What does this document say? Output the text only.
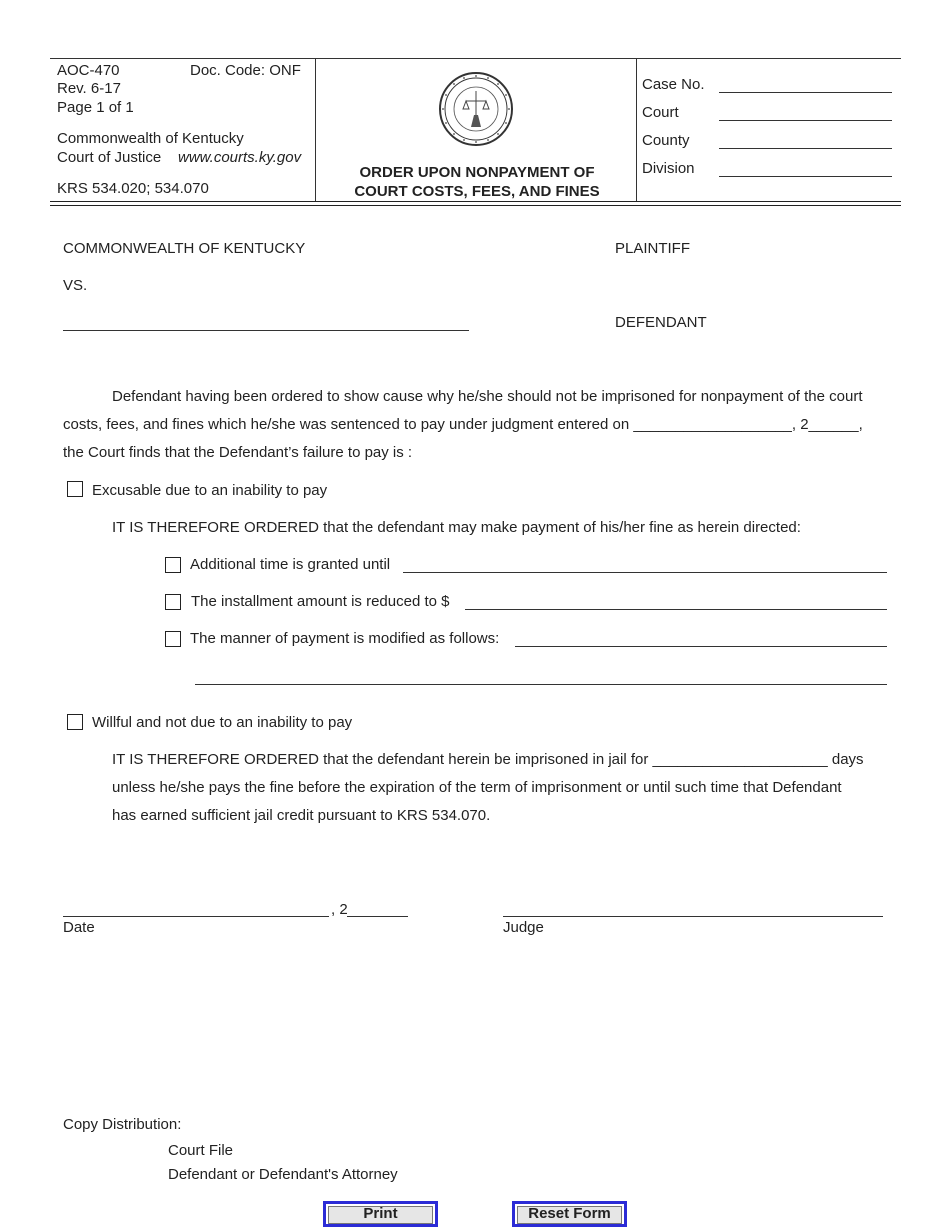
AOC-470	Doc. Code: ONF
Rev. 6-17
Page 1 of 1
Commonwealth of Kentucky
Court of Justice www.courts.ky.gov
KRS 534.020; 534.070
ORDER UPON NONPAYMENT OF
COURT COSTS, FEES, AND FINES
Case No.
Court
County
Division
COMMONWEALTH OF KENTUCKY	PLAINTIFF
VS.
DEFENDANT
Defendant having been ordered to show cause why he/she should not be imprisoned for nonpayment of the court
costs, fees, and fines which he/she was sentenced to pay under judgment entered on ___________________, 2______,
the Court finds that the Defendant’s failure to pay is :
Excusable due to an inability to pay
IT IS THEREFORE ORDERED that the defendant may make payment of his/her fine as herein directed:
Additional time is granted until
The installment amount is reduced to $
The manner of payment is modified as follows:
Willful and not due to an inability to pay
IT IS THEREFORE ORDERED that the defendant herein be imprisoned in jail for _____________________ days
unless he/she pays the fine before the expiration of the term of imprisonment or until such time that Defendant
has earned sufficient jail credit pursuant to KRS 534.070.
, 2
Date	Judge
Copy Distribution:
Court File
Defendant or Defendant's Attorney
Print	Reset Form
